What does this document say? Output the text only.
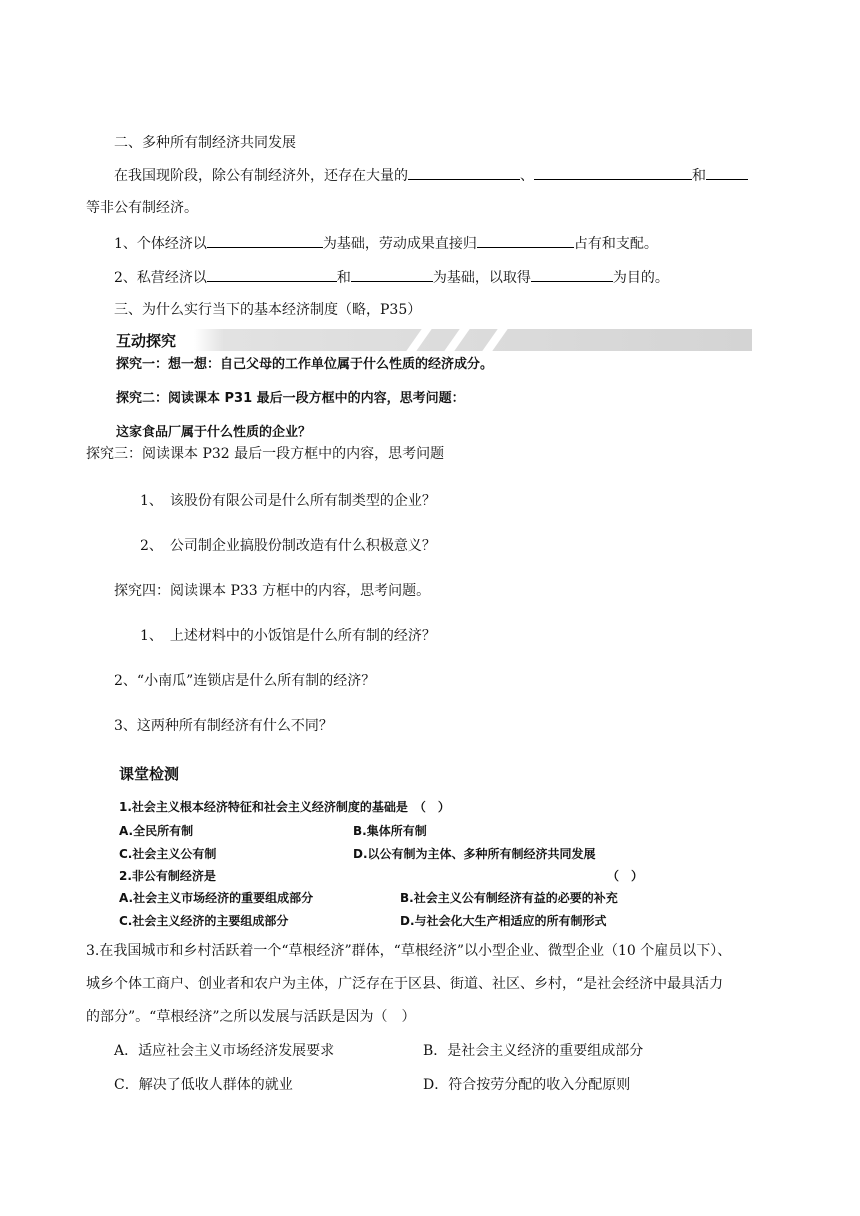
二、多种所有制经济共同发展
在我国现阶段，除公有制经济外，还存在大量的	、	和
等非公有制经济。
1、个体经济以	为基础，劳动成果直接归	占有和支配。
2、私营经济以	和	为基础，以取得	为目的。
三、为什么实行当下的基本经济制度（略，P35）
互动探究
探究一：想一想：自己父母的工作单位属于什么性质的经济成分。
探究二：阅读课本 P31 最后一段方框中的内容，思考问题：
这家食品厂属于什么性质的企业？
探究三：阅读课本 P32 最后一段方框中的内容，思考问题
1、　该股份有限公司是什么所有制类型的企业？
2、　公司制企业搞股份制改造有什么积极意义？
探究四：阅读课本 P33 方框中的内容，思考问题。
1、　上述材料中的小饭馆是什么所有制的经济？
2、“小南瓜”连锁店是什么所有制的经济？
3、这两种所有制经济有什么不同？
课堂检测
1.社会主义根本经济特征和社会主义经济制度的基础是　（　）
A.全民所有制	B.集体所有制
C.社会主义公有制	D.以公有制为主体、多种所有制经济共同发展
2.非公有制经济是	（　）
A.社会主义市场经济的重要组成部分	B.社会主义公有制经济有益的必要的补充
C.社会主义经济的主要组成部分	D.与社会化大生产相适应的所有制形式
3.在我国城市和乡村活跃着一个“草根经济”群体，“草根经济”以小型企业、微型企业（10 个雇员以下）、
城乡个体工商户、创业者和农户为主体，广泛存在于区县、街道、社区、乡村，“是社会经济中最具活力
的部分”。“草根经济”之所以发展与活跃是因为（　）
A．适应社会主义市场经济发展要求	B．是社会主义经济的重要组成部分
C．解决了低收人群体的就业	D．符合按劳分配的收入分配原则
